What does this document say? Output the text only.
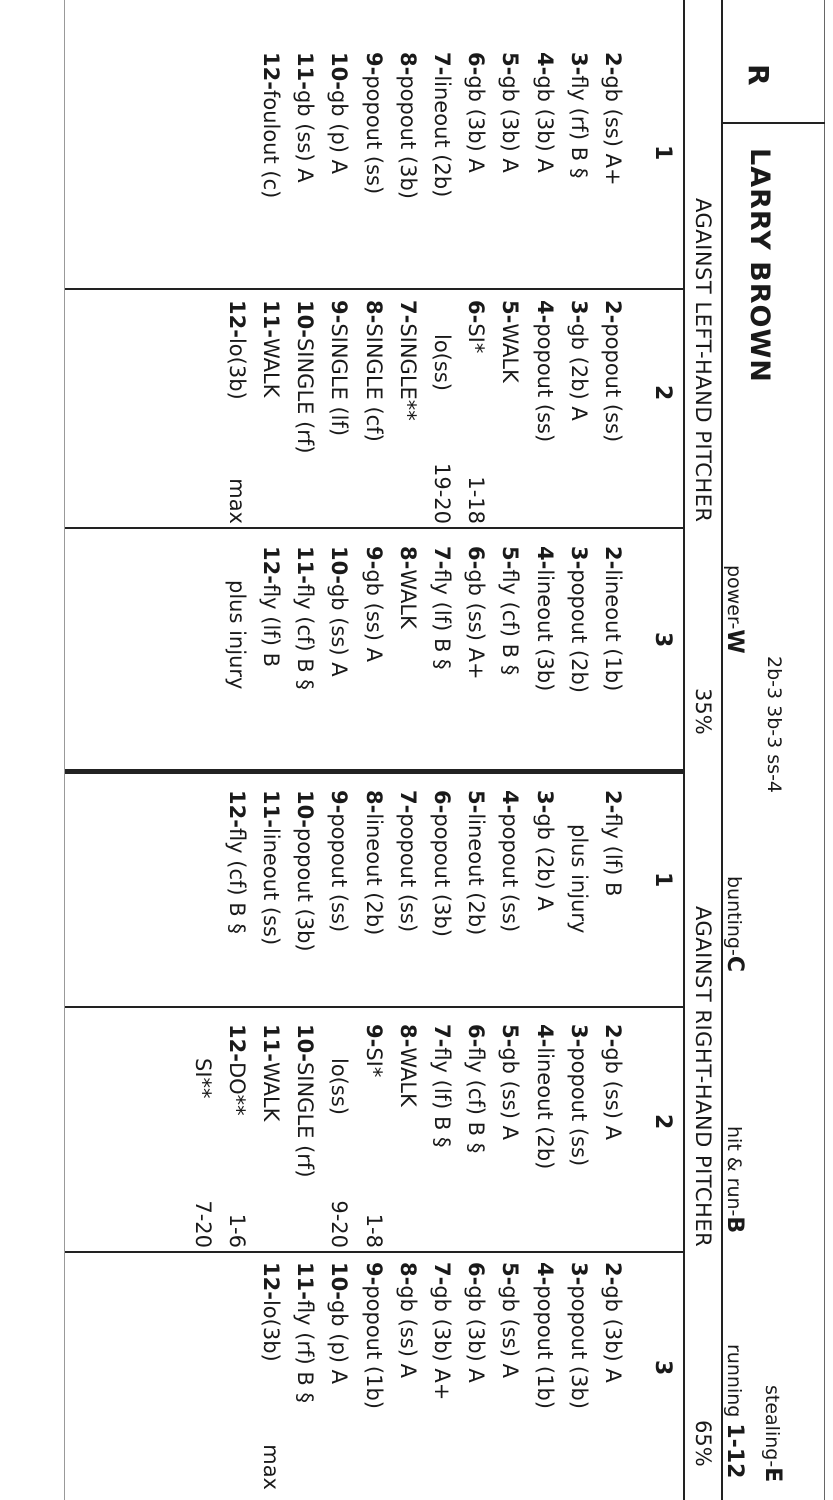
R
LARRY BROWN
2b-3 3b-3 ss-4
power-W
bunting-C
hit & run-B
stealing-E
running 1-12
AGAINST LEFT-HAND PITCHER
35%
AGAINST RIGHT-HAND PITCHER
65%
1
2
3
1
2
3
2-gb (ss) A+
3-fly (rf) B §
4-gb (3b) A
5-gb (3b) A
6-gb (3b) A
7-lineout (2b)
8-popout (3b)
9-popout (ss)
10-gb (p) A
11-gb (ss) A
12-foulout (c)
2-popout (ss)
3-gb (2b) A
4-popout (ss)
5-WALK
6-SI*
1-18
lo(ss)
19-20
7-SINGLE**
8-SINGLE (cf)
9-SINGLE (lf)
10-SINGLE (rf)
11-WALK
12-lo(3b)
max
2-lineout (1b)
3-popout (2b)
4-lineout (3b)
5-fly (cf) B §
6-gb (ss) A+
7-fly (lf) B §
8-WALK
9-gb (ss) A
10-gb (ss) A
11-fly (cf) B §
12-fly (lf) B
plus injury
2-fly (lf) B
plus injury
3-gb (2b) A
4-popout (ss)
5-lineout (2b)
6-popout (3b)
7-popout (ss)
8-lineout (2b)
9-popout (ss)
10-popout (3b)
11-lineout (ss)
12-fly (cf) B §
2-gb (ss) A
3-popout (ss)
4-lineout (2b)
5-gb (ss) A
6-fly (cf) B §
7-fly (lf) B §
8-WALK
9-SI*
1-8
lo(ss)
9-20
10-SINGLE (rf)
11-WALK
12-DO**
1-6
SI**
7-20
2-gb (3b) A
3-popout (3b)
4-popout (1b)
5-gb (ss) A
6-gb (3b) A
7-gb (3b) A+
8-gb (ss) A
9-popout (1b)
10-gb (p) A
11-fly (rf) B §
12-lo(3b)
max
